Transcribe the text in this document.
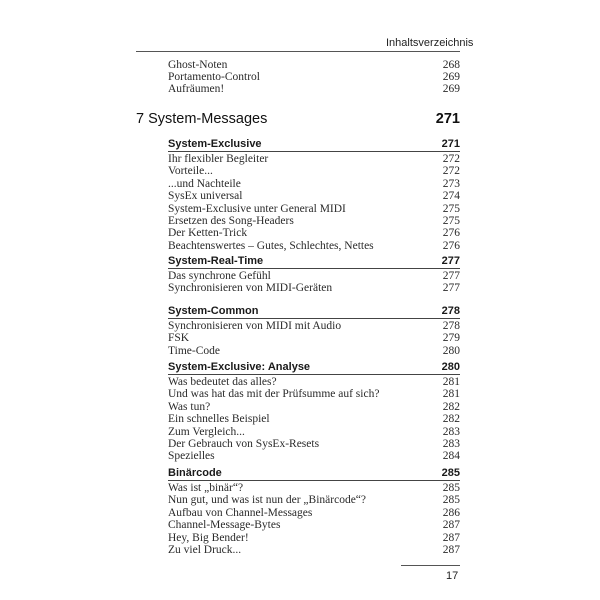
Inhaltsverzeichnis
Ghost-Noten	268
Portamento-Control	269
Aufräumen!	269
7 System-Messages	271
System-Exclusive	271
Ihr flexibler Begleiter	272
Vorteile...	272
...und Nachteile	273
SysEx universal	274
System-Exclusive unter General MIDI	275
Ersetzen des Song-Headers	275
Der Ketten-Trick	276
Beachtenswertes – Gutes, Schlechtes, Nettes	276
System-Real-Time	277
Das synchrone Gefühl	277
Synchronisieren von MIDI-Geräten	277
System-Common	278
Synchronisieren von MIDI mit Audio	278
FSK	279
Time-Code	280
System-Exclusive: Analyse	280
Was bedeutet das alles?	281
Und was hat das mit der Prüfsumme auf sich?	281
Was tun?	282
Ein schnelles Beispiel	282
Zum Vergleich...	283
Der Gebrauch von SysEx-Resets	283
Spezielles	284
Binärcode	285
Was ist „binär“?	285
Nun gut, und was ist nun der „Binärcode“?	285
Aufbau von Channel-Messages	286
Channel-Message-Bytes	287
Hey, Big Bender!	287
Zu viel Druck...	287
17
